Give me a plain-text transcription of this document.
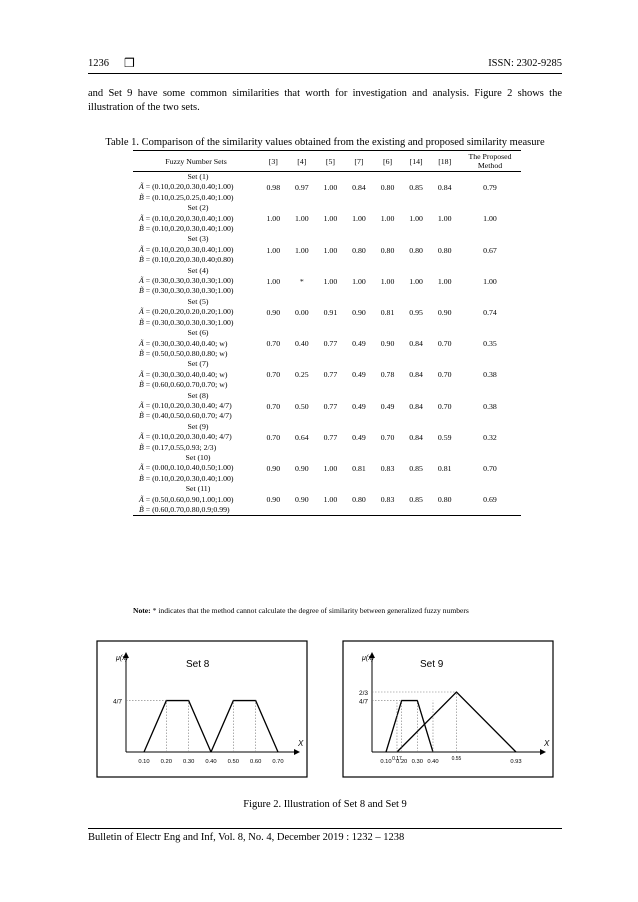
1236 ❒	ISSN: 2302-9285
and Set 9 have some common similarities that worth for investigation and analysis. Figure 2 shows the illustration of the two sets.
Table 1. Comparison of the similarity values obtained from the existing and proposed similarity measure
Fuzzy Number Sets	[3]	[4]	[5]	[7]	[6]	[14]	[18]	The Proposed Method

Set (1)
Ã = (0.10,0.20,0.30,0.40;1.00)
B̃ = (0.10,0.25,0.25,0.40;1.00)	0.98	0.97	1.00	0.84	0.80	0.85	0.84	0.79

Set (2)
Ã = (0.10,0.20,0.30,0.40;1.00)
B̃ = (0.10,0.20,0.30,0.40;1.00)	1.00	1.00	1.00	1.00	1.00	1.00	1.00	1.00

Set (3)
Ã = (0.10,0.20,0.30,0.40;1.00)
B̃ = (0.10,0.20,0.30,0.40;0.80)	1.00	1.00	1.00	0.80	0.80	0.80	0.80	0.67

Set (4)
Ã = (0.30,0.30,0.30,0.30;1.00)
B̃ = (0.30,0.30,0.30,0.30;1.00)	1.00	*	1.00	1.00	1.00	1.00	1.00	1.00

Set (5)
Ã = (0.20,0.20,0.20,0.20;1.00)
B̃ = (0.30,0.30,0.30,0.30;1.00)	0.90	0.00	0.91	0.90	0.81	0.95	0.90	0.74

Set (6)
Ã = (0.30,0.30,0.40,0.40; w)
B̃ = (0.50,0.50,0.80,0.80; w)	0.70	0.40	0.77	0.49	0.90	0.84	0.70	0.35

Set (7)
Ã = (0.30,0.30,0.40,0.40; w)
B̃ = (0.60,0.60,0.70,0.70; w)	0.70	0.25	0.77	0.49	0.78	0.84	0.70	0.38

Set (8)
Ã = (0.10,0.20,0.30,0.40; 4/7)
B̃ = (0.40,0.50,0.60,0.70; 4/7)	0.70	0.50	0.77	0.49	0.49	0.84	0.70	0.38

Set (9)
Ã = (0.10,0.20,0.30,0.40; 4/7)
B̃ = (0.17,0.55,0.93; 2/3)	0.70	0.64	0.77	0.49	0.70	0.84	0.59	0.32

Set (10)
Ã = (0.00,0.10,0.40,0.50;1.00)
B̃ = (0.10,0.20,0.30,0.40;1.00)	0.90	0.90	1.00	0.81	0.83	0.85	0.81	0.70

Set (11)
Ã = (0.50,0.60,0.90,1.00;1.00)
B̃ = (0.60,0.70,0.80,0.9;0.99)	0.90	0.90	1.00	0.80	0.83	0.85	0.80	0.69
Note: * indicates that the method cannot calculate the degree of similarity between generalized fuzzy numbers
μ(x)
X
Set 8
4/7
0.10 0.20 0.30 0.40 0.50 0.60 0.70
μ(x)
X
Set 9
2/3
4/7
0.10 0.17
0.20 0.30 0.40	0.55	0.93
Figure 2. Illustration of Set 8 and Set 9
Bulletin of Electr Eng and Inf, Vol. 8, No. 4, December 2019 : 1232 – 1238
